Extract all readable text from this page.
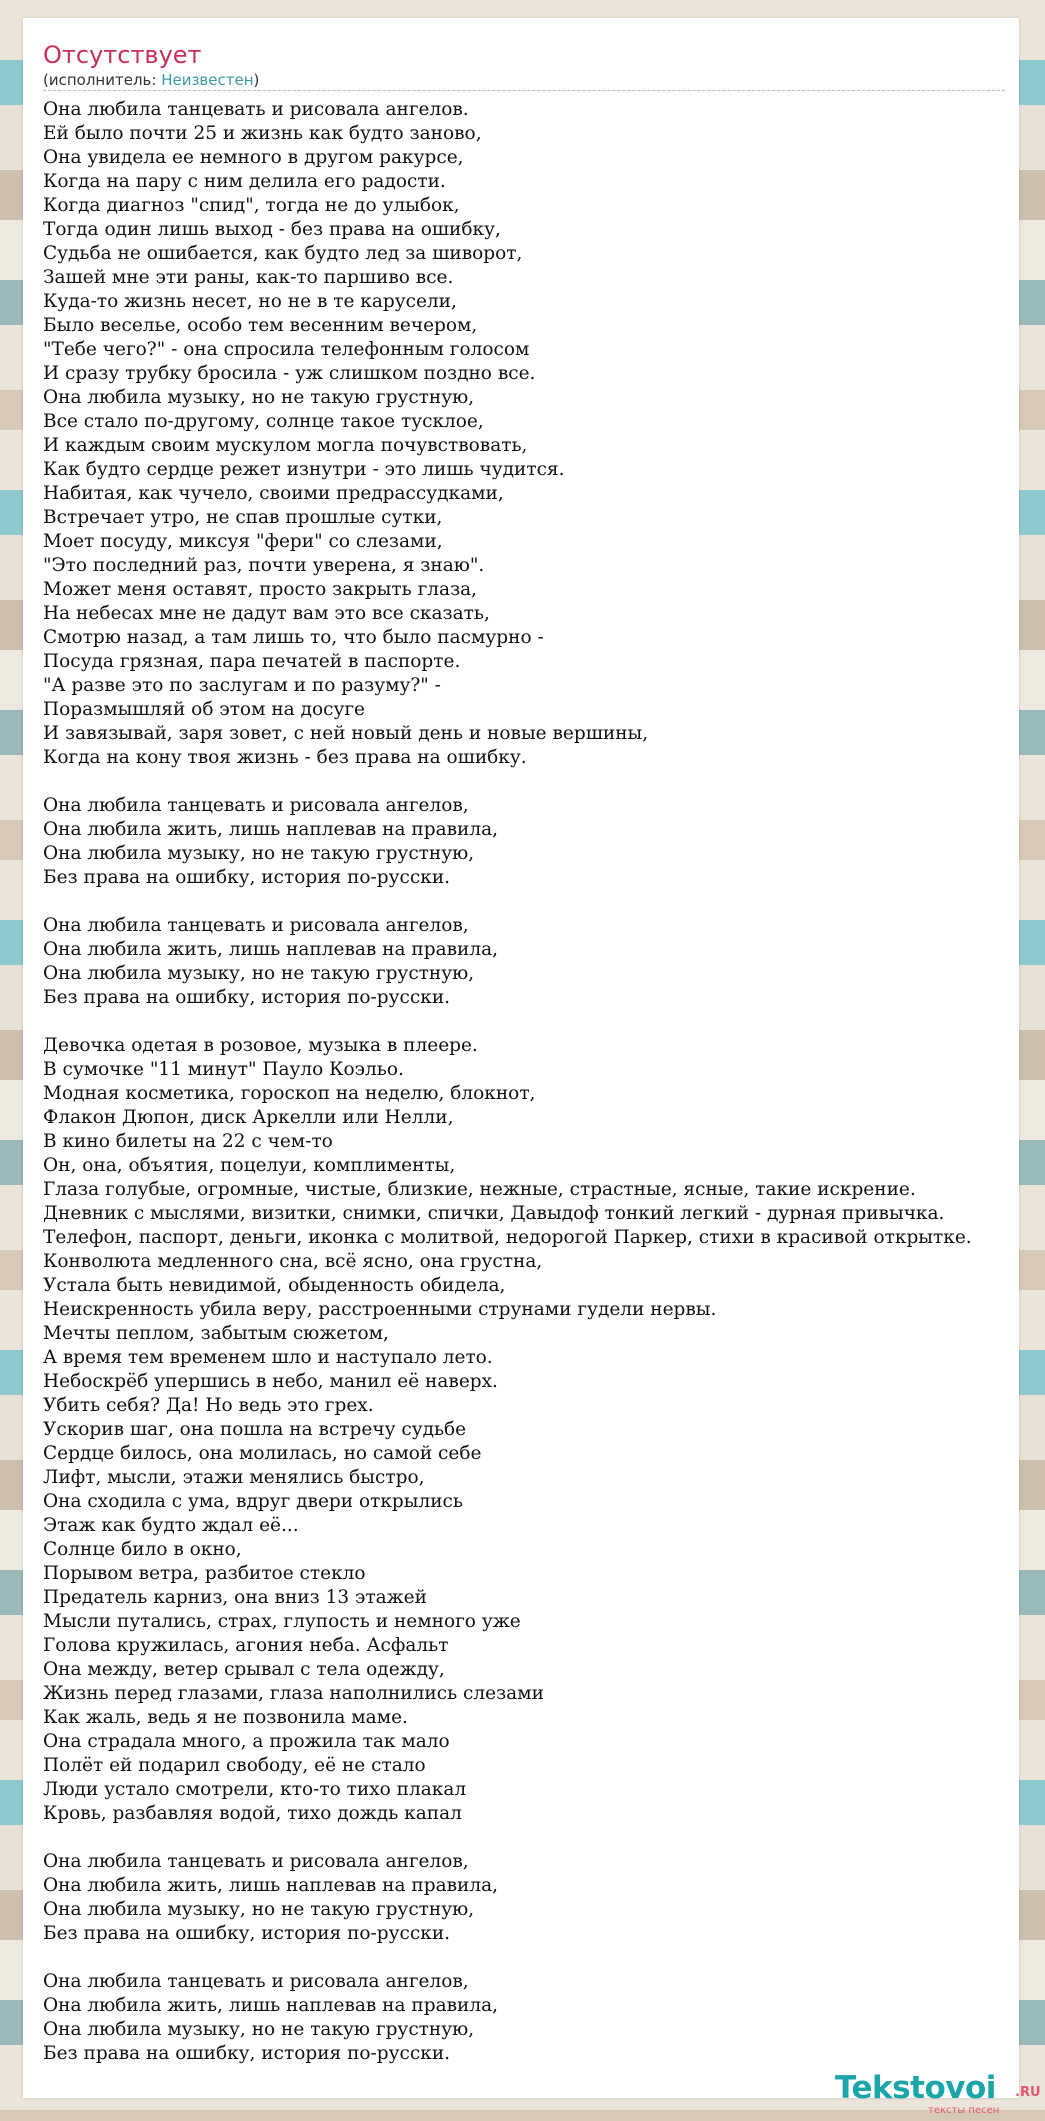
Отсутствует
(исполнитель: Неизвестен)
Она любила танцевать и рисовала ангелов.
Ей было почти 25 и жизнь как будто заново,
Она увидела ее немного в другом ракурсе,
Когда на пару с ним делила его радости.
Когда диагноз "спид", тогда не до улыбок,
Тогда один лишь выход - без права на ошибку,
Судьба не ошибается, как будто лед за шиворот,
Зашей мне эти раны, как-то паршиво все.
Куда-то жизнь несет, но не в те карусели,
Было веселье, особо тем весенним вечером,
"Тебе чего?" - она спросила телефонным голосом
И сразу трубку бросила - уж слишком поздно все.
Она любила музыку, но не такую грустную,
Все стало по-другому, солнце такое тусклое,
И каждым своим мускулом могла почувствовать,
Как будто сердце режет изнутри - это лишь чудится.
Набитая, как чучело, своими предрассудками,
Встречает утро, не спав прошлые сутки,
Моет посуду, миксуя "фери" со слезами,
"Это последний раз, почти уверена, я знаю".
Может меня оставят, просто закрыть глаза,
На небесах мне не дадут вам это все сказать,
Смотрю назад, а там лишь то, что было пасмурно -
Посуда грязная, пара печатей в паспорте.
"А разве это по заслугам и по разуму?" -
Поразмышляй об этом на досуге
И завязывай, заря зовет, с ней новый день и новые вершины,
Когда на кону твоя жизнь - без права на ошибку.

Она любила танцевать и рисовала ангелов,
Она любила жить, лишь наплевав на правила,
Она любила музыку, но не такую грустную,
Без права на ошибку, история по-русски.

Она любила танцевать и рисовала ангелов,
Она любила жить, лишь наплевав на правила,
Она любила музыку, но не такую грустную,
Без права на ошибку, история по-русски.

Девочка одетая в розовое, музыка в плеере.
В сумочке "11 минут" Пауло Коэльо.
Модная косметика, гороскоп на неделю, блокнот,
Флакон Дюпон, диск Аркелли или Нелли,
В кино билеты на 22 с чем-то
Он, она, объятия, поцелуи, комплименты,
Глаза голубые, огромные, чистые, близкие, нежные, страстные, ясные, такие искрение.
Дневник с мыслями, визитки, снимки, спички, Давыдоф тонкий легкий - дурная привычка.
Телефон, паспорт, деньги, иконка с молитвой, недорогой Паркер, стихи в красивой открытке.
Конволюта медленного сна, всё ясно, она грустна,
Устала быть невидимой, обыденность обидела,
Неискренность убила веру, расстроенными струнами гудели нервы.
Мечты пеплом, забытым сюжетом,
А время тем временем шло и наступало лето.
Небоскрёб упершись в небо, манил её наверх.
Убить себя? Да! Но ведь это грех.
Ускорив шаг, она пошла на встречу судьбе
Сердце билось, она молилась, но самой себе
Лифт, мысли, этажи менялись быстро,
Она сходила с ума, вдруг двери открылись
Этаж как будто ждал её...
Солнце било в окно,
Порывом ветра, разбитое стекло
Предатель карниз, она вниз 13 этажей
Мысли путались, страх, глупость и немного уже
Голова кружилась, агония неба. Асфальт
Она между, ветер срывал с тела одежду,
Жизнь перед глазами, глаза наполнились слезами
Как жаль, ведь я не позвонила маме.
Она страдала много, а прожила так мало
Полёт ей подарил свободу, её не стало
Люди устало смотрели, кто-то тихо плакал
Кровь, разбавляя водой, тихо дождь капал

Она любила танцевать и рисовала ангелов,
Она любила жить, лишь наплевав на правила,
Она любила музыку, но не такую грустную,
Без права на ошибку, история по-русски.

Она любила танцевать и рисовала ангелов,
Она любила жить, лишь наплевав на правила,
Она любила музыку, но не такую грустную,
Без права на ошибку, история по-русски.
Tekstovoi .RU
тексты песен
